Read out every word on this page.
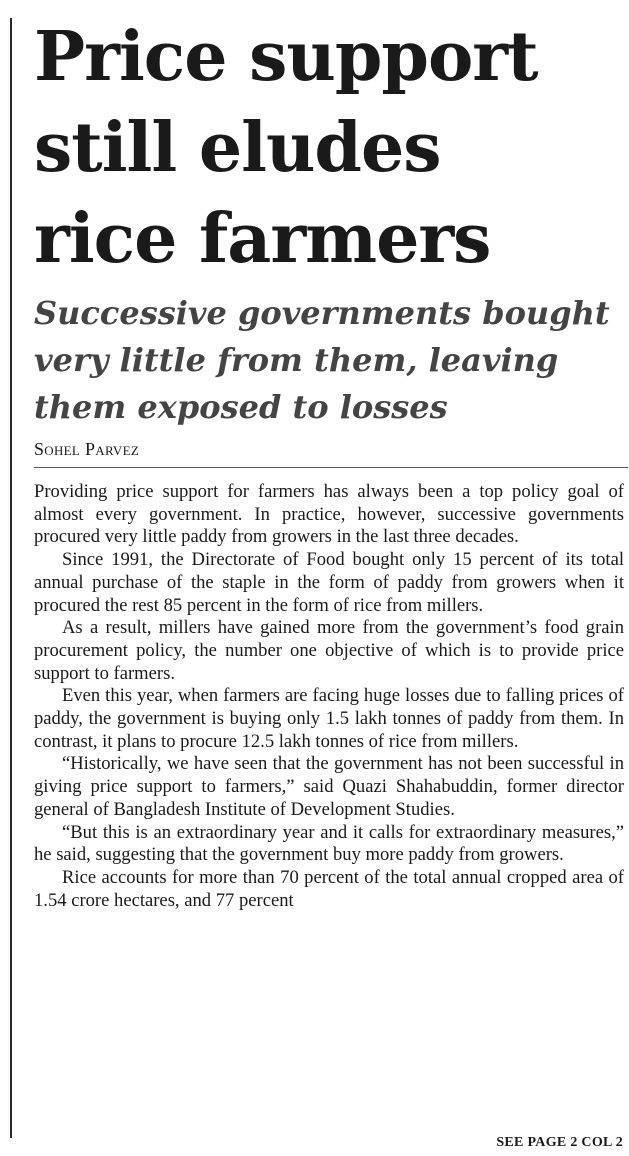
Price support
still eludes
rice farmers
Successive governments bought
very little from them, leaving
them exposed to losses
Sohel Parvez

Providing price support for farmers has always been a top policy goal of almost every government. In practice, however, successive governments procured very little paddy from growers in the last three decades.

Since 1991, the Directorate of Food bought only 15 percent of its total annual purchase of the staple in the form of paddy from growers when it procured the rest 85 percent in the form of rice from millers.

As a result, millers have gained more from the government’s food grain procurement policy, the number one objective of which is to provide price support to farmers.

Even this year, when farmers are facing huge losses due to falling prices of paddy, the government is buying only 1.5 lakh tonnes of paddy from them. In contrast, it plans to procure 12.5 lakh tonnes of rice from millers.

“Historically, we have seen that the government has not been successful in giving price support to farmers,” said Quazi Shahabuddin, former director general of Bangladesh Institute of Development Studies.

“But this is an extraordinary year and it calls for extraordinary measures,” he said, suggesting that the government buy more paddy from growers.

Rice accounts for more than 70 percent of the total annual cropped area of 1.54 crore hectares, and 77 percent

SEE PAGE 2 COL 2
